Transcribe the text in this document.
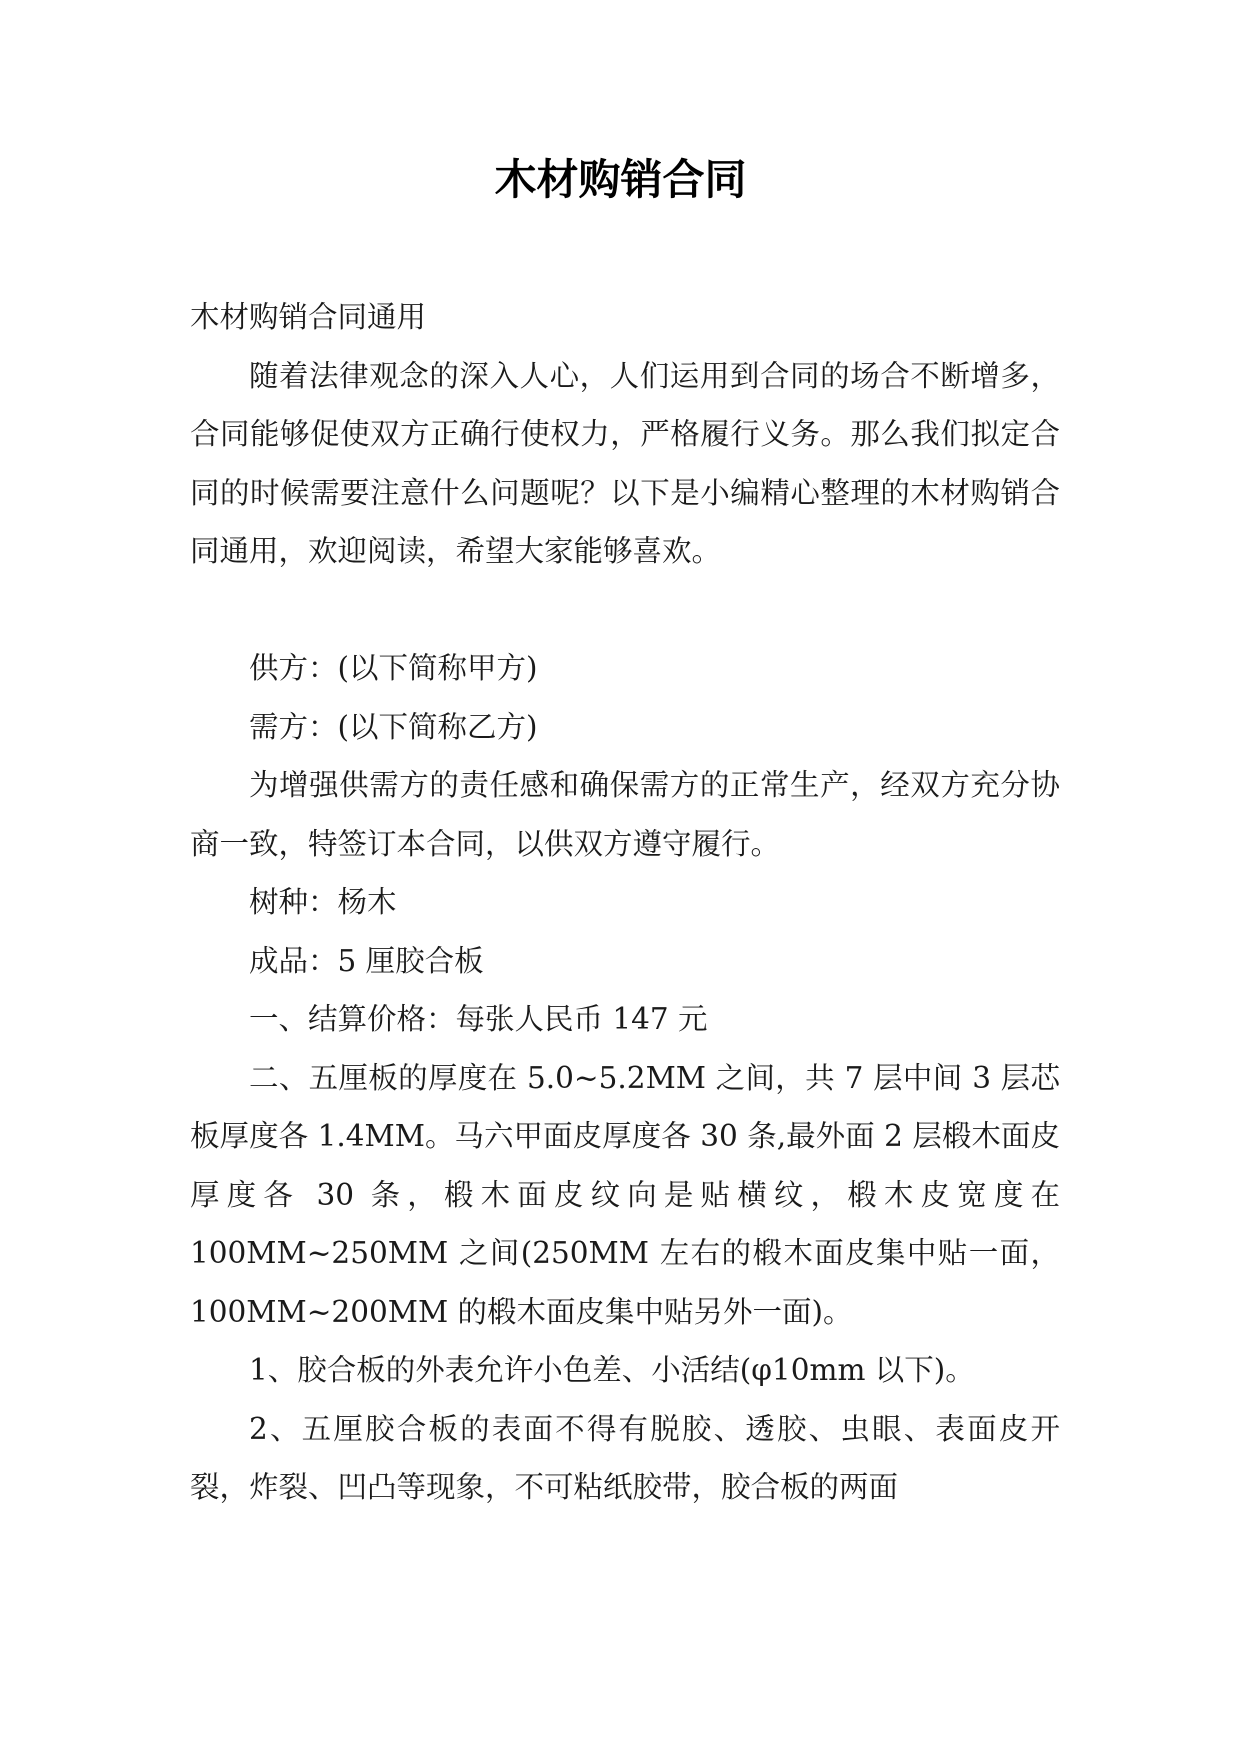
木材购销合同

木材购销合同通用

随着法律观念的深入人心，人们运用到合同的场合不断增多，合同能够促使双方正确行使权力，严格履行义务。那么我们拟定合同的时候需要注意什么问题呢？以下是小编精心整理的木材购销合同通用，欢迎阅读，希望大家能够喜欢。

供方：(以下简称甲方)

需方：(以下简称乙方)

为增强供需方的责任感和确保需方的正常生产，经双方充分协商一致，特签订本合同，以供双方遵守履行。

树种：杨木

成品：5 厘胶合板

一、结算价格：每张人民币 147 元

二、五厘板的厚度在 5.0~5.2MM 之间，共 7 层中间 3 层芯板厚度各 1.4MM。马六甲面皮厚度各 30 条,最外面 2 层椴木面皮厚度各 30 条，椴木面皮纹向是贴横纹，椴木皮宽度在 100MM~250MM 之间(250MM 左右的椴木面皮集中贴一面，100MM~200MM 的椴木面皮集中贴另外一面)。

1、胶合板的外表允许小色差、小活结(φ10mm 以下)。

2、五厘胶合板的表面不得有脱胶、透胶、虫眼、表面皮开裂，炸裂、凹凸等现象，不可粘纸胶带，胶合板的两面
